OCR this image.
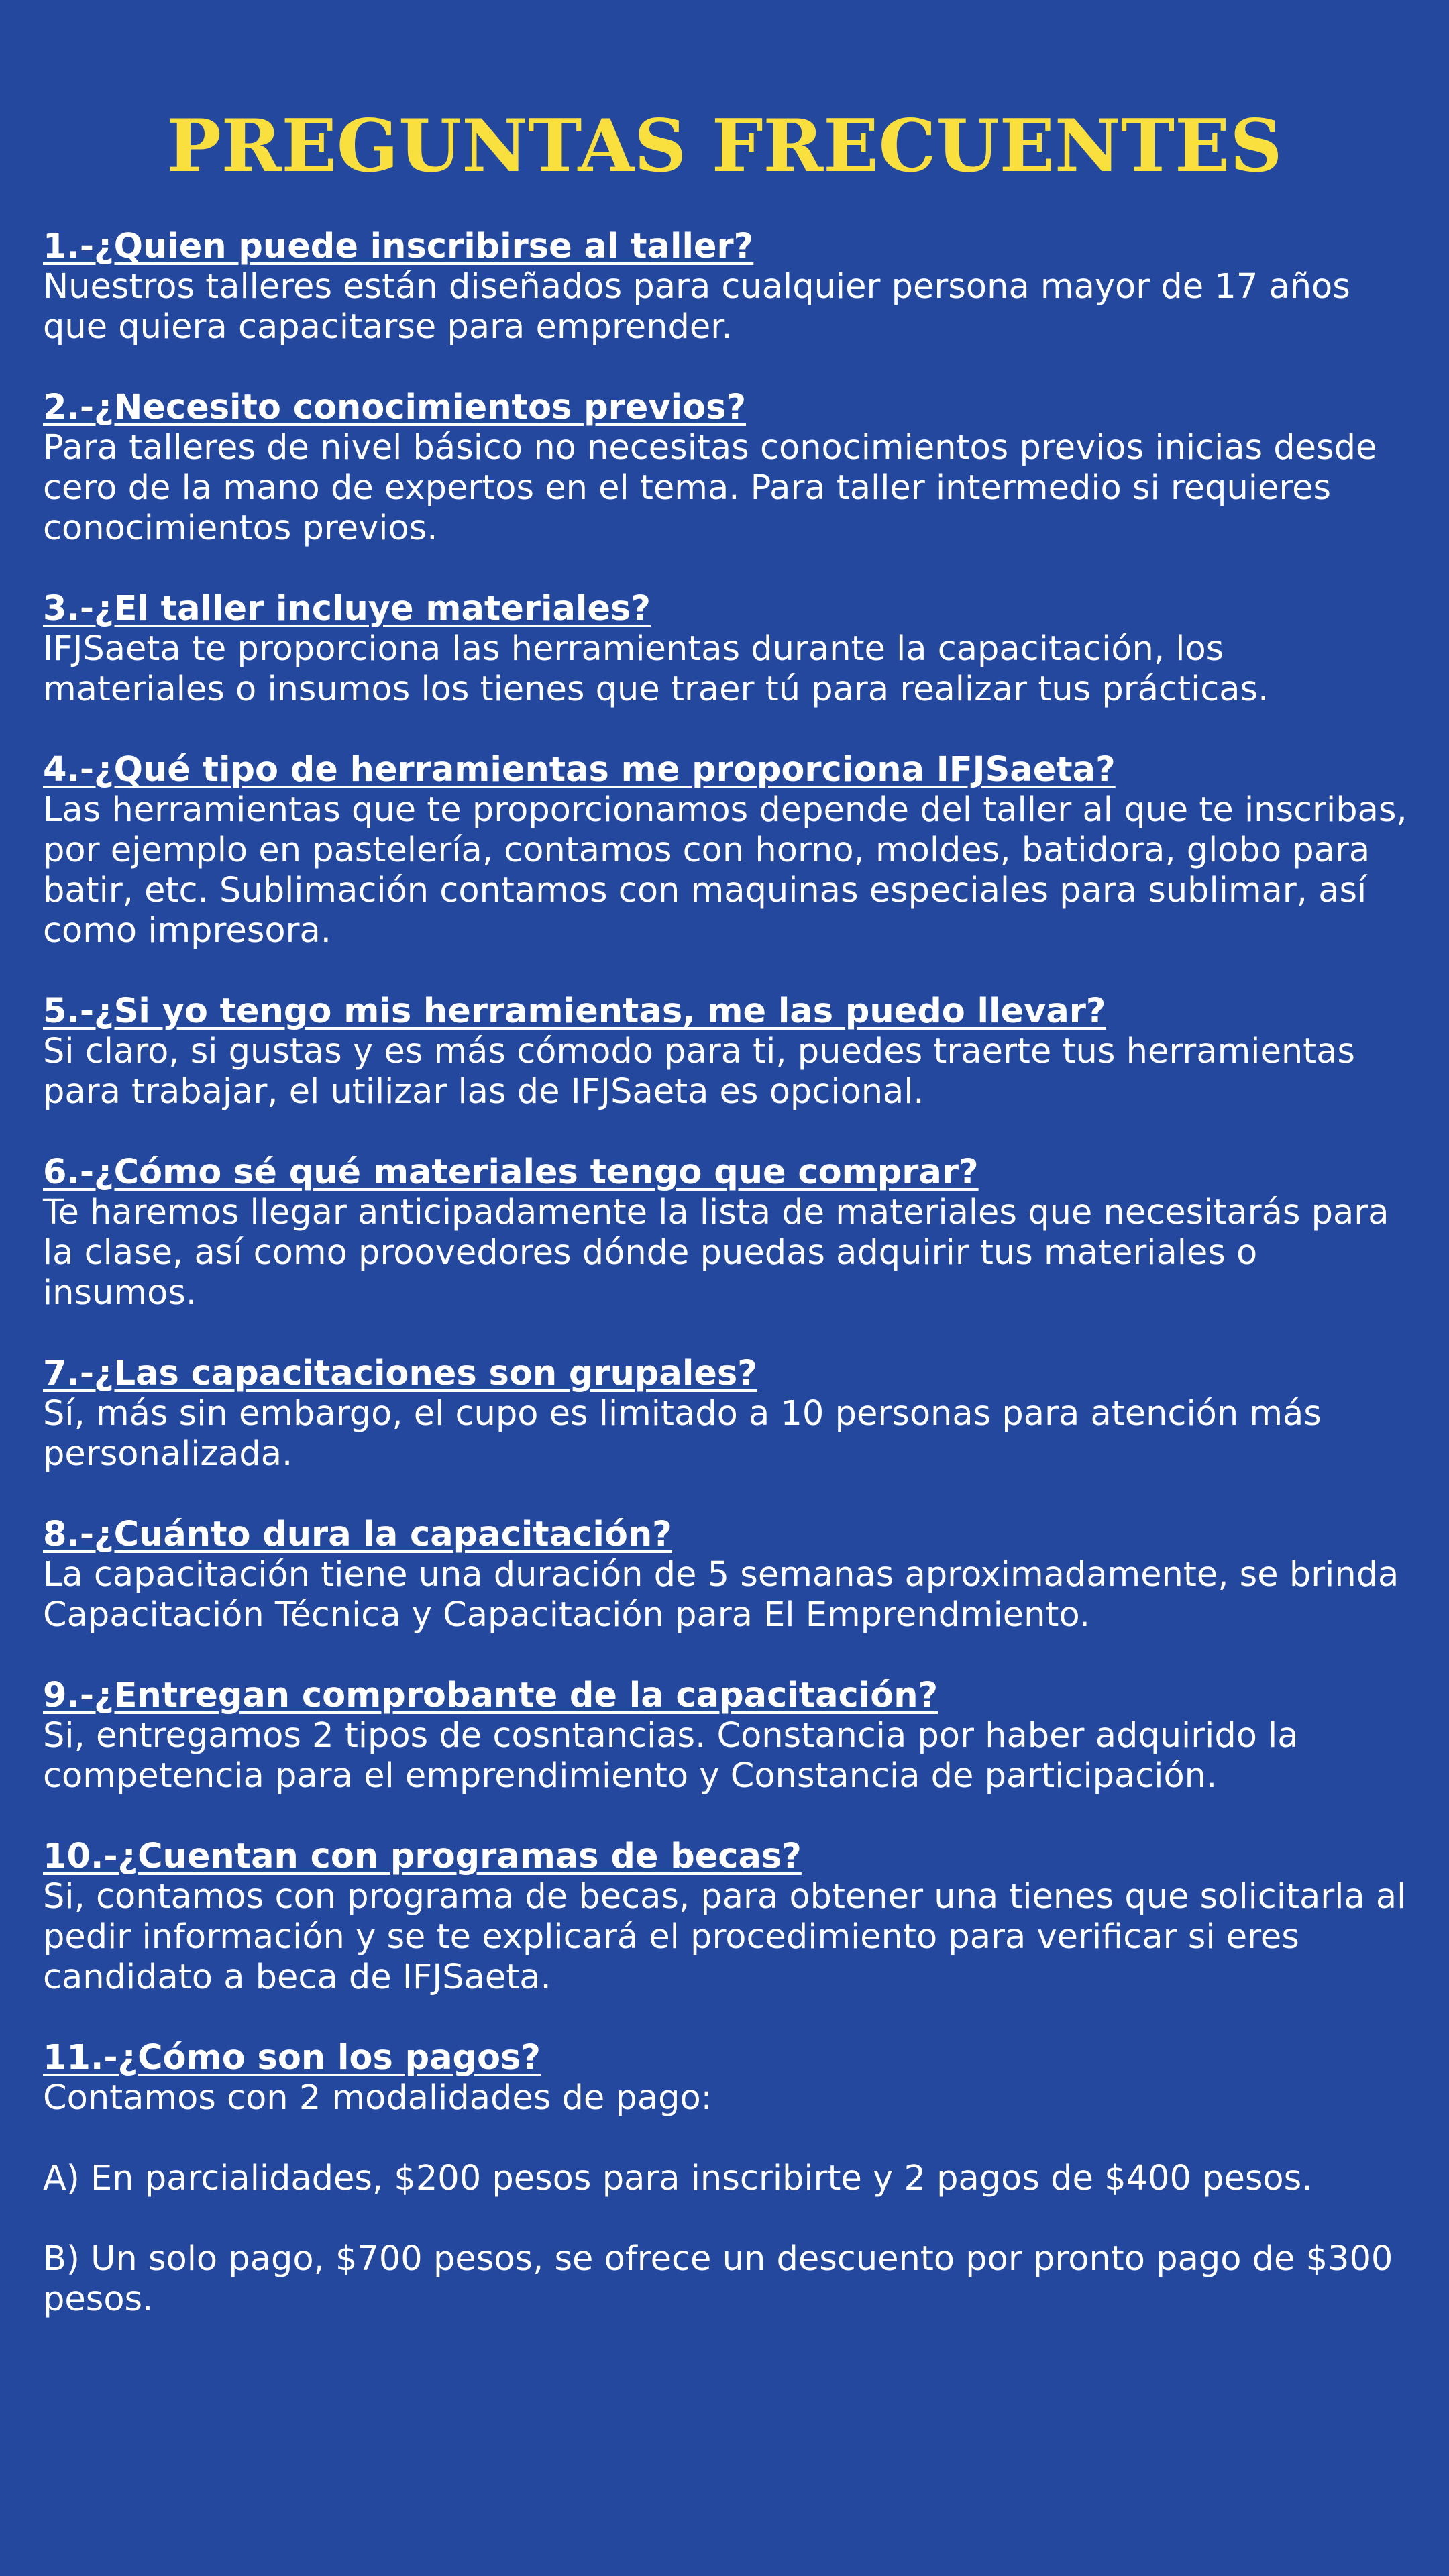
PREGUNTAS FRECUENTES
1.-¿Quien puede inscribirse al taller?

Nuestros talleres están diseñados para cualquier persona mayor de 17 años que quiera capacitarse para emprender.

2.-¿Necesito conocimientos previos?

Para talleres de nivel básico no necesitas conocimientos previos inicias desde cero de la mano de expertos en el tema. Para taller intermedio si requieres conocimientos previos.

3.-¿El taller incluye materiales?

IFJSaeta te proporciona las herramientas durante la capacitación, los materiales o insumos los tienes que traer tú para realizar tus prácticas.

4.-¿Qué tipo de herramientas me proporciona IFJSaeta?

Las herramientas que te proporcionamos depende del taller al que te inscribas, por ejemplo en pastelería, contamos con horno, moldes, batidora, globo para batir, etc. Sublimación contamos con maquinas especiales para sublimar, así como impresora.

5.-¿Si yo tengo mis herramientas, me las puedo llevar?

Si claro, si gustas y es más cómodo para ti, puedes traerte tus herramientas para trabajar, el utilizar las de IFJSaeta es opcional.

6.-¿Cómo sé qué materiales tengo que comprar?

Te haremos llegar anticipadamente la lista de materiales que necesitarás para la clase, así como proovedores dónde puedas adquirir tus materiales o insumos.

7.-¿Las capacitaciones son grupales?

Sí, más sin embargo, el cupo es limitado a 10 personas para atención más personalizada.

8.-¿Cuánto dura la capacitación?

La capacitación tiene una duración de 5 semanas aproximadamente, se brinda Capacitación Técnica y Capacitación para El Emprendmiento.

9.-¿Entregan comprobante de la capacitación?

Si, entregamos 2 tipos de cosntancias. Constancia por haber adquirido la competencia para el emprendimiento y Constancia de participación.

10.-¿Cuentan con programas de becas?

Si, contamos con programa de becas, para obtener una tienes que solicitarla al pedir información y se te explicará el procedimiento para verificar si eres candidato a beca de IFJSaeta.

11.-¿Cómo son los pagos?

Contamos con 2 modalidades de pago:

A) En parcialidades, $200 pesos para inscribirte y 2 pagos de $400 pesos.

B) Un solo pago, $700 pesos, se ofrece un descuento por pronto pago de $300 pesos.
